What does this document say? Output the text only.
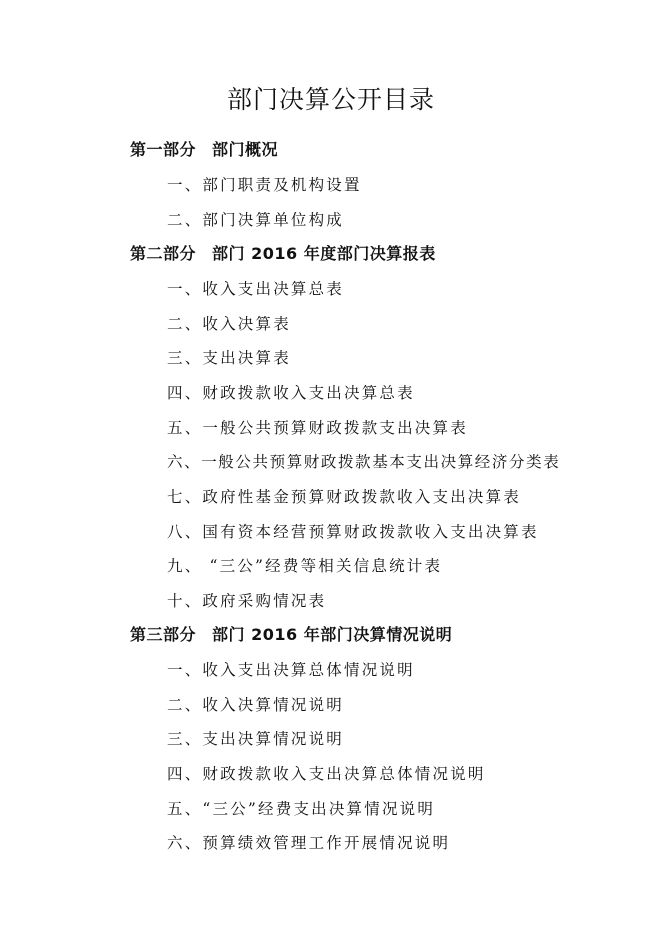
部门决算公开目录
第一部分 部门概况
一、部门职责及机构设置
二、部门决算单位构成
第二部分 部门 2016 年度部门决算报表
一、收入支出决算总表
二、收入决算表
三、支出决算表
四、财政拨款收入支出决算总表
五、一般公共预算财政拨款支出决算表
六、一般公共预算财政拨款基本支出决算经济分类表
七、政府性基金预算财政拨款收入支出决算表
八、国有资本经营预算财政拨款收入支出决算表
九、 “三公”经费等相关信息统计表
十、政府采购情况表
第三部分 部门 2016 年部门决算情况说明
一、收入支出决算总体情况说明
二、收入决算情况说明
三、支出决算情况说明
四、财政拨款收入支出决算总体情况说明
五、“三公”经费支出决算情况说明
六、预算绩效管理工作开展情况说明
